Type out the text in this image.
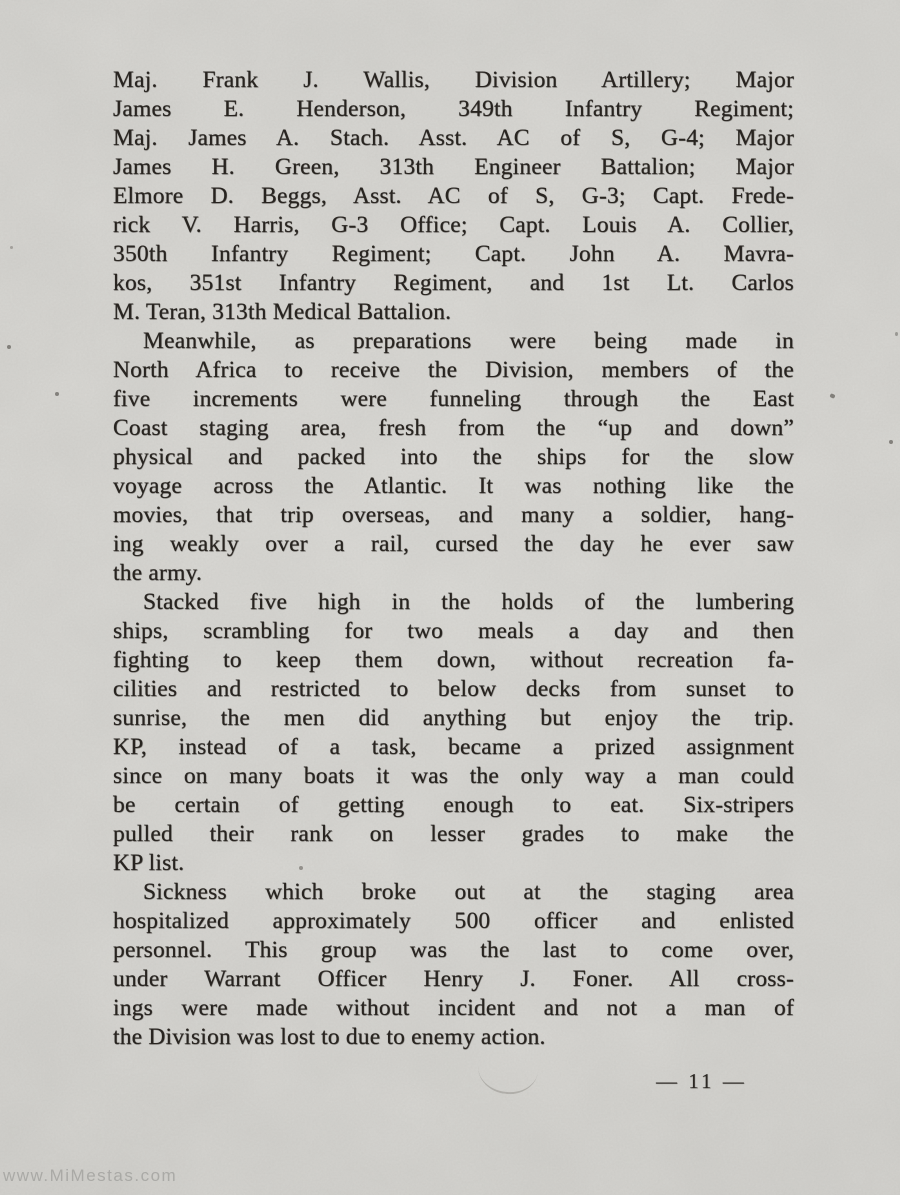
Maj. Frank J. Wallis, Division Artillery; Major
James E. Henderson, 349th Infantry Regiment;
Maj. James A. Stach. Asst. AC of S, G-4; Major
James H. Green, 313th Engineer Battalion; Major
Elmore D. Beggs, Asst. AC of S, G-3; Capt. Frede-
rick V. Harris, G-3 Office; Capt. Louis A. Collier,
350th Infantry Regiment; Capt. John A. Mavra-
kos, 351st Infantry Regiment, and 1st Lt. Carlos
M. Teran, 313th Medical Battalion.
Meanwhile, as preparations were being made in
North Africa to receive the Division, members of the
five increments were funneling through the East
Coast staging area, fresh from the “up and down”
physical and packed into the ships for the slow
voyage across the Atlantic. It was nothing like the
movies, that trip overseas, and many a soldier, hang-
ing weakly over a rail, cursed the day he ever saw
the army.
Stacked five high in the holds of the lumbering
ships, scrambling for two meals a day and then
fighting to keep them down, without recreation fa-
cilities and restricted to below decks from sunset to
sunrise, the men did anything but enjoy the trip.
KP, instead of a task, became a prized assignment
since on many boats it was the only way a man could
be certain of getting enough to eat. Six-stripers
pulled their rank on lesser grades to make the
KP list.
Sickness which broke out at the staging area
hospitalized approximately 500 officer and enlisted
personnel. This group was the last to come over,
under Warrant Officer Henry J. Foner. All cross-
ings were made without incident and not a man of
the Division was lost to due to enemy action.
— 11 —
www.MiMestas.com
